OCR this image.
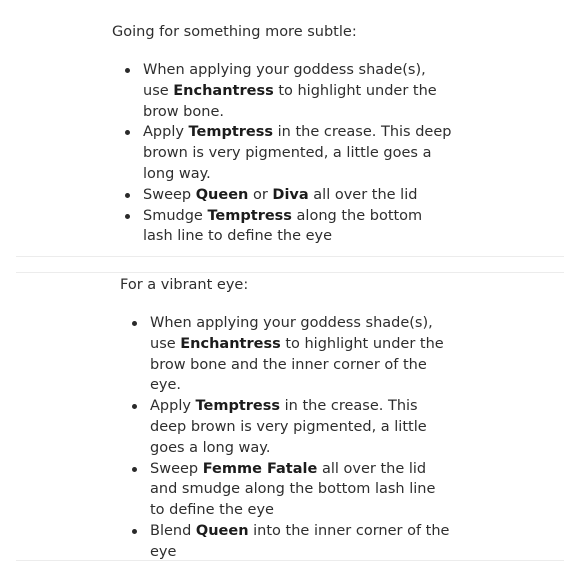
Going for something more subtle:

When applying your goddess shade(s), use Enchantress to highlight under the brow bone.
Apply Temptress in the crease. This deep brown is very pigmented, a little goes a long way.
Sweep Queen or Diva all over the lid
Smudge Temptress along the bottom lash line to define the eye

For a vibrant eye:

When applying your goddess shade(s), use Enchantress to highlight under the brow bone and the inner corner of the eye.
Apply Temptress in the crease. This deep brown is very pigmented, a little goes a long way.
Sweep Femme Fatale all over the lid and smudge along the bottom lash line to define the eye
Blend Queen into the inner corner of the eye
